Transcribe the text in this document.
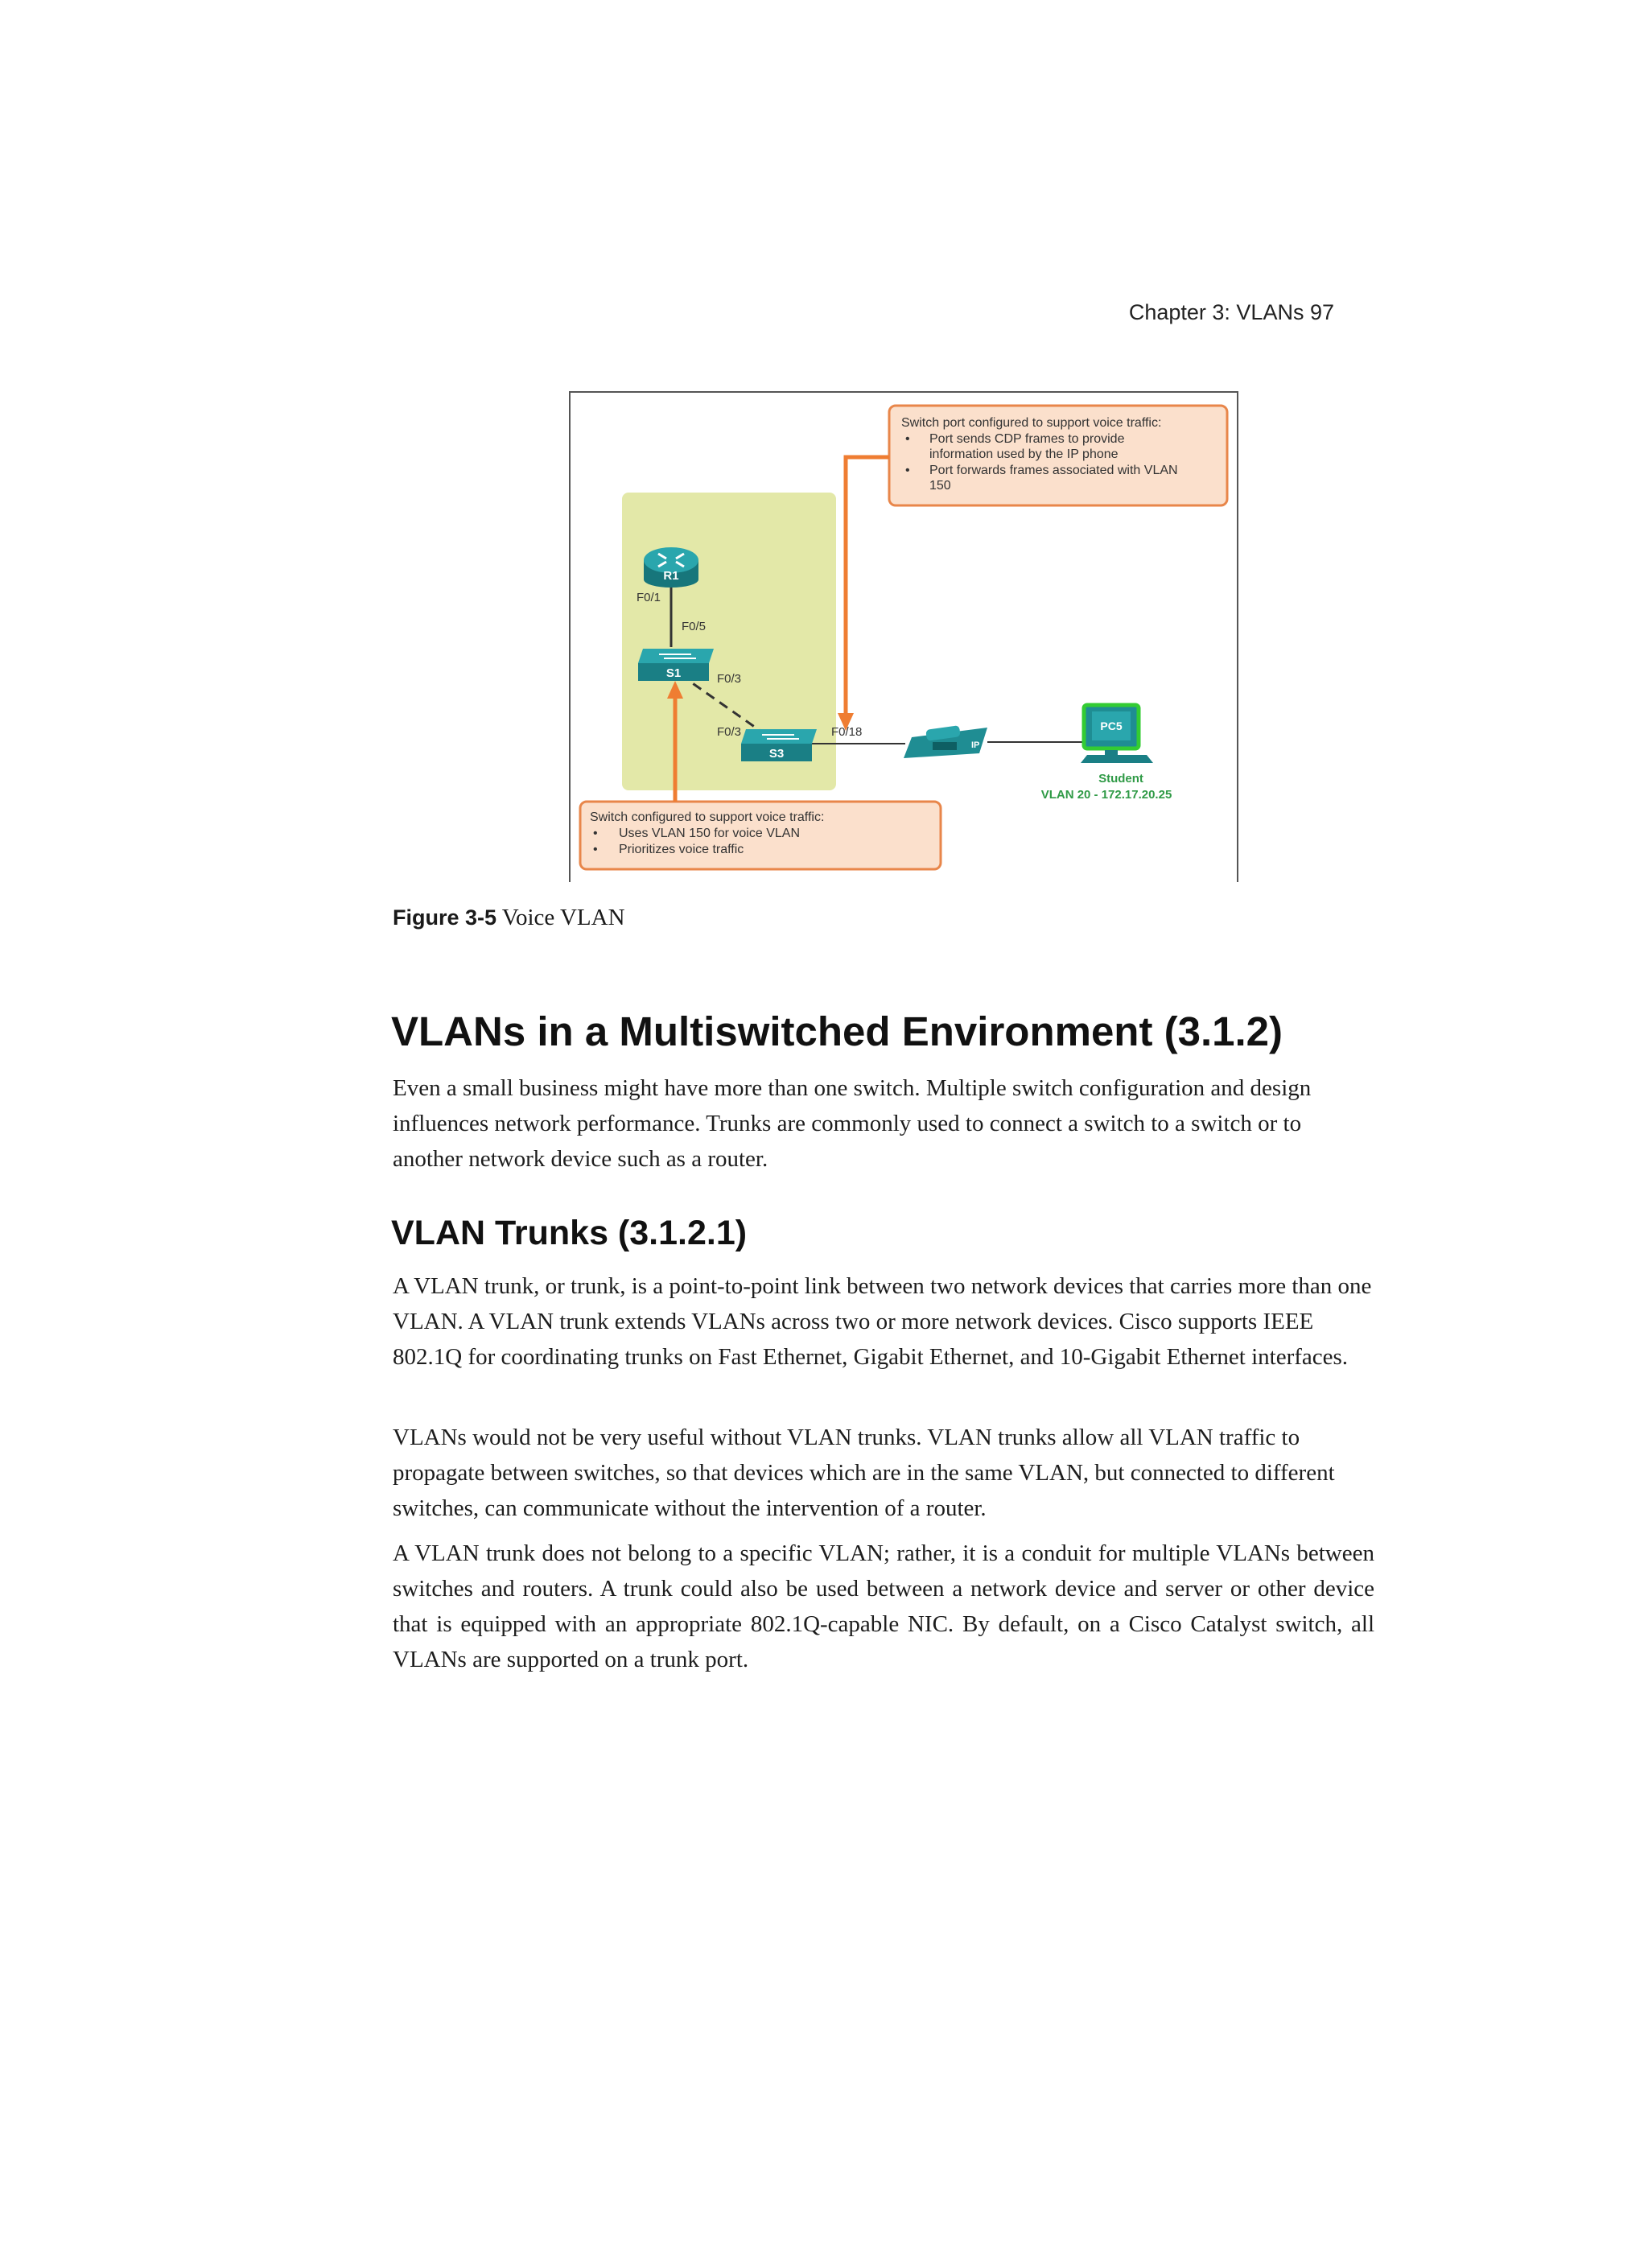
Chapter 3: VLANs 97
Switch port configured to support voice traffic:
• Port sends CDP frames to provide
information used by the IP phone
• Port forwards frames associated with VLAN
150
Switch configured to support voice traffic:
• Uses VLAN 150 for voice VLAN
• Prioritizes voice traffic
R1
S1
S3
IP
PC5
Student
VLAN 20 - 172.17.20.25
F0/1
F0/5
F0/3
F0/3	F0/18
Figure 3-5 Voice VLAN
VLANs in a Multiswitched Environment (3.1.2)

Even a small business might have more than one switch. Multiple switch configuration and design influences network performance. Trunks are commonly used to connect a switch to a switch or to another network device such as a router.

VLAN Trunks (3.1.2.1)

A VLAN trunk, or trunk, is a point-to-point link between two network devices that carries more than one VLAN. A VLAN trunk extends VLANs across two or more network devices. Cisco supports IEEE 802.1Q for coordinating trunks on Fast Ethernet, Gigabit Ethernet, and 10-Gigabit Ethernet interfaces.

VLANs would not be very useful without VLAN trunks. VLAN trunks allow all VLAN traffic to propagate between switches, so that devices which are in the same VLAN, but connected to different switches, can communicate without the intervention of a router.

A VLAN trunk does not belong to a specific VLAN; rather, it is a conduit for multiple VLANs between switches and routers. A trunk could also be used between a network device and server or other device that is equipped with an appropriate 802.1Q-capable NIC. By default, on a Cisco Catalyst switch, all VLANs are supported on a trunk port.
